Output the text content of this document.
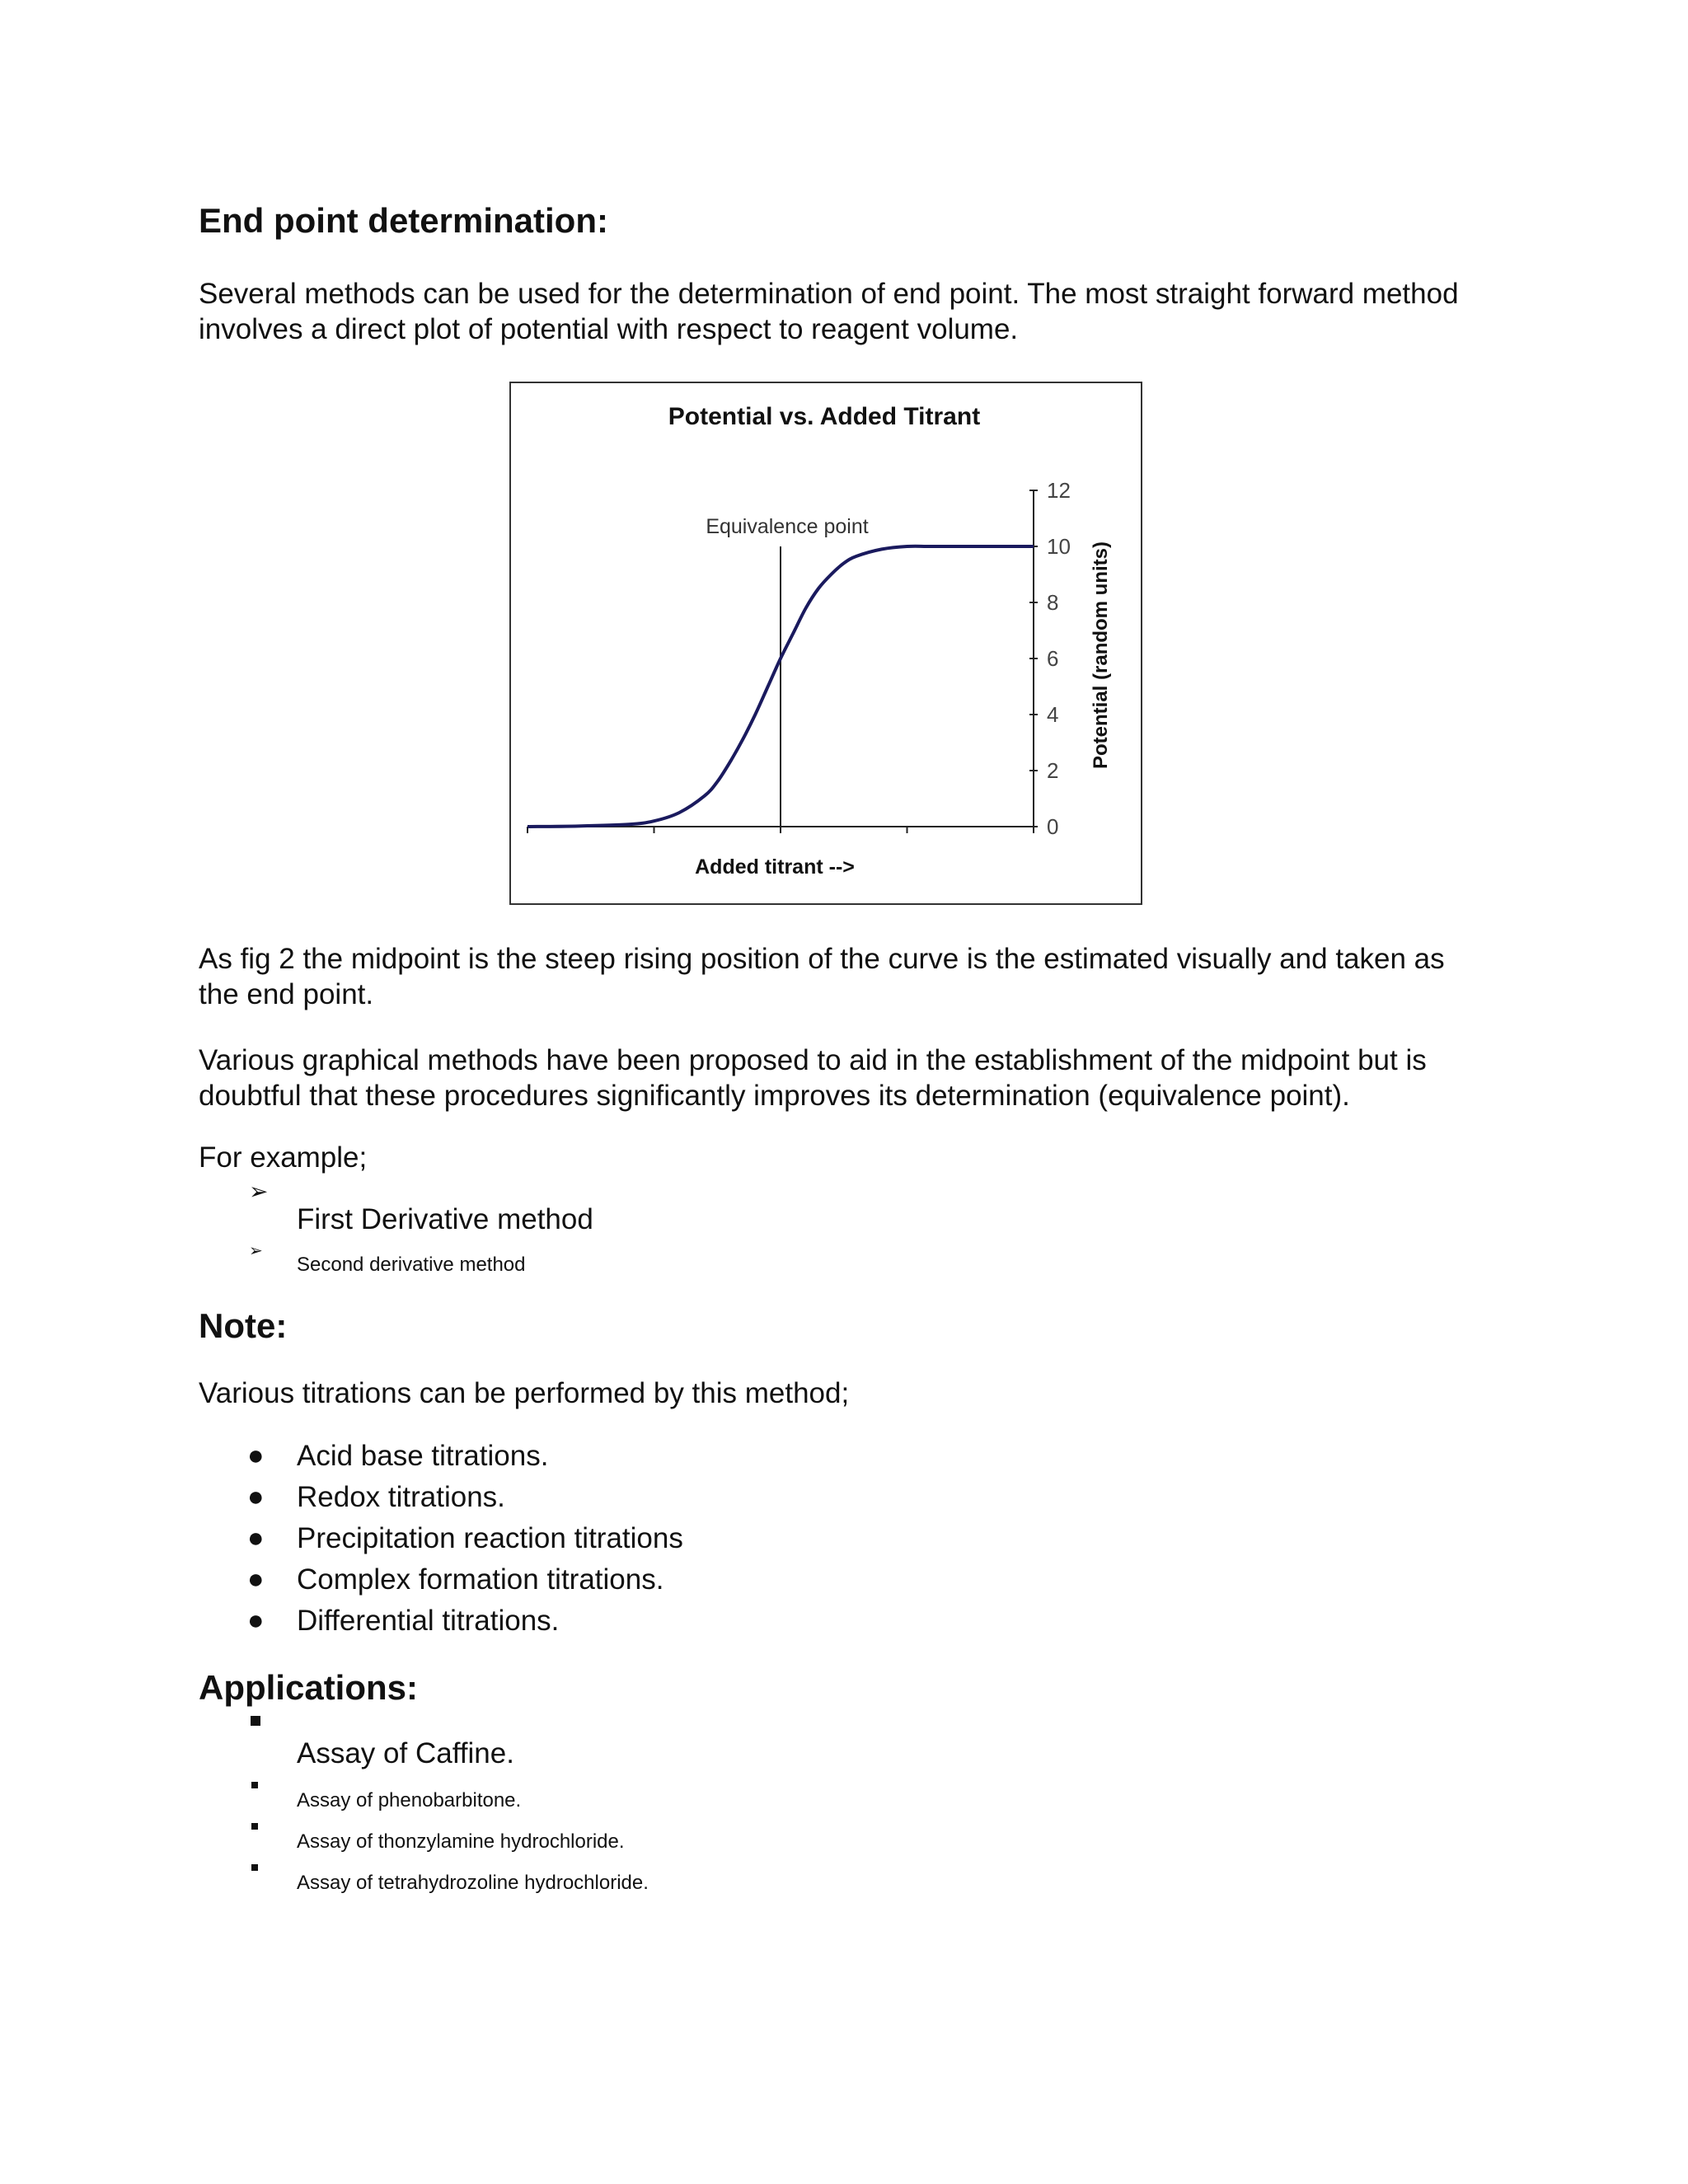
End point determination:

Several methods can be used for the determination of end point. The most straight forward method involves a direct plot of potential with respect to reagent volume.

Potential vs. Added Titrant
0
2
4
6
8
10
12
Equivalence point
Added titrant -->
Potential (random units)

As fig 2 the midpoint is the steep rising position of the curve is the estimated visually and taken as the end point.

Various graphical methods have been proposed to aid in the establishment of the midpoint but is doubtful that these procedures significantly improves its determination (equivalence point).

For example;

➢

First Derivative method

➢

Second derivative method

Note:

Various titrations can be performed by this method;

● Acid base titrations.
● Redox titrations.
● Precipitation reaction titrations
● Complex formation titrations.
● Differential titrations.
Applications:

Assay of Caffine.

Assay of phenobarbitone.

Assay of thonzylamine hydrochloride.

Assay of tetrahydrozoline hydrochloride.
